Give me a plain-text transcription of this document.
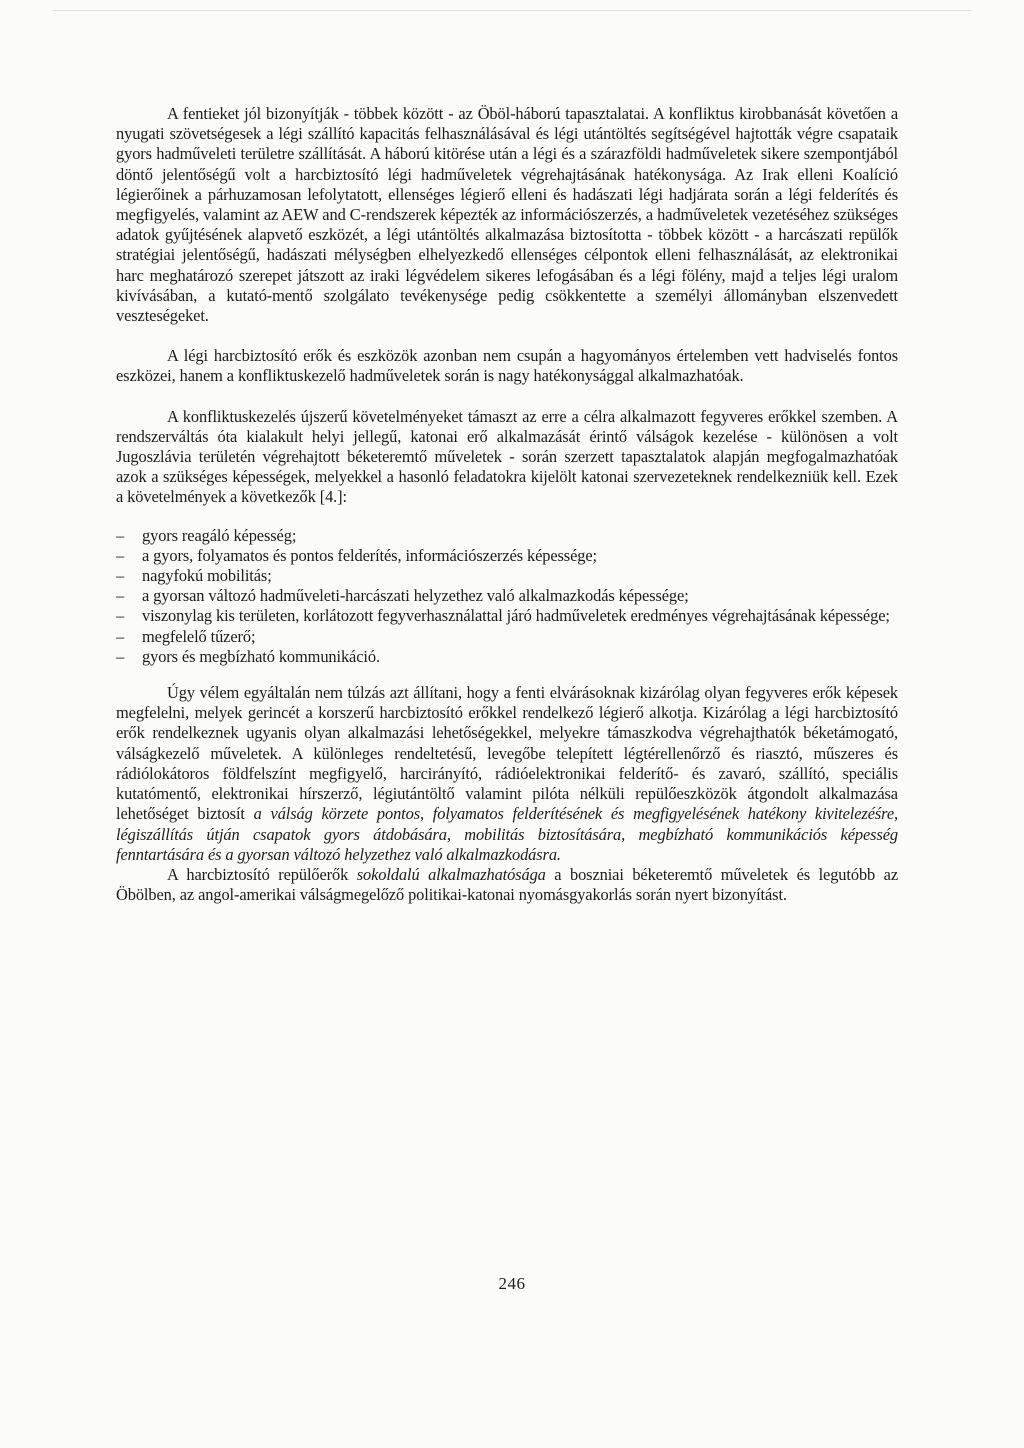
A fentieket jól bizonyítják - többek között - az Öböl-háború tapasztalatai. A konfliktus kirobbanását követően a nyugati szövetségesek a légi szállító kapacitás felhasználásával és légi utántöltés segítségével hajtották végre csapataik gyors hadműveleti területre szállítását. A háború kitörése után a légi és a szárazföldi hadműveletek sikere szempontjából döntő jelentőségű volt a harcbiztosító légi hadműveletek végrehajtásának hatékonysága. Az Irak elleni Koalíció légierőinek a párhuzamosan lefolytatott, ellenséges légierő elleni és hadászati légi hadjárata során a légi felderítés és megfigyelés, valamint az AEW and C-rendszerek képezték az információszerzés, a hadműveletek vezetéséhez szükséges adatok gyűjtésének alapvető eszközét, a légi utántöltés alkalmazása biztosította - többek között - a harcászati repülők stratégiai jelentőségű, hadászati mélységben elhelyezkedő ellenséges célpontok elleni felhasználását, az elektronikai harc meghatározó szerepet játszott az iraki légvédelem sikeres lefogásában és a légi fölény, majd a teljes légi uralom kivívásában, a kutató-mentő szolgálato tevékenysége pedig csökkentette a személyi állományban elszenvedett veszteségeket.

A légi harcbiztosító erők és eszközök azonban nem csupán a hagyományos értelemben vett hadviselés fontos eszközei, hanem a konfliktuskezelő hadműveletek során is nagy hatékonysággal alkalmazhatóak.

A konfliktuskezelés újszerű követelményeket támaszt az erre a célra alkalmazott fegyveres erőkkel szemben. A rendszerváltás óta kialakult helyi jellegű, katonai erő alkalmazását érintő válságok kezelése - különösen a volt Jugoszlávia területén végrehajtott béketeremtő műveletek - során szerzett tapasztalatok alapján megfogalmazhatóak azok a szükséges képességek, melyekkel a hasonló feladatokra kijelölt katonai szervezeteknek rendelkezniük kell. Ezek a követelmények a következők [4.]:

– gyors reagáló képesség;
– a gyors, folyamatos és pontos felderítés, információszerzés képessége;
– nagyfokú mobilitás;
– a gyorsan változó hadműveleti-harcászati helyzethez való alkalmazkodás képessége;
– viszonylag kis területen, korlátozott fegyverhasználattal járó hadműveletek eredményes végrehajtásának képessége;
– megfelelő tűzerő;
– gyors és megbízható kommunikáció.

Úgy vélem egyáltalán nem túlzás azt állítani, hogy a fenti elvárásoknak kizárólag olyan fegyveres erők képesek megfelelni, melyek gerincét a korszerű harcbiztosító erőkkel rendelkező légierő alkotja. Kizárólag a légi harcbiztosító erők rendelkeznek ugyanis olyan alkalmazási lehetőségekkel, melyekre támaszkodva végrehajthatók béketámogató, válságkezelő műveletek. A különleges rendeltetésű, levegőbe telepített légtérellenőrző és riasztó, műszeres és rádiólokátoros földfelszínt megfigyelő, harcirányító, rádióelektronikai felderítő- és zavaró, szállító, speciális kutatómentő, elektronikai hírszerző, légiutántöltő valamint pilóta nélküli repülőeszközök átgondolt alkalmazása lehetőséget biztosít a válság körzete pontos, folyamatos felderítésének és megfigyelésének hatékony kivitelezéśre, légiszállítás útján csapatok gyors átdobására, mobilitás biztosítására, megbízható kommunikációs képesség fenntartására és a gyorsan változó helyzethez való alkalmazkodásra.

A harcbiztosító repülőerők sokoldalú alkalmazhatósága a boszniai béketeremtő műveletek és legutóbb az Öbölben, az angol-amerikai válságmegelőző politikai-katonai nyomásgyakorlás során nyert bizonyítást.

246
